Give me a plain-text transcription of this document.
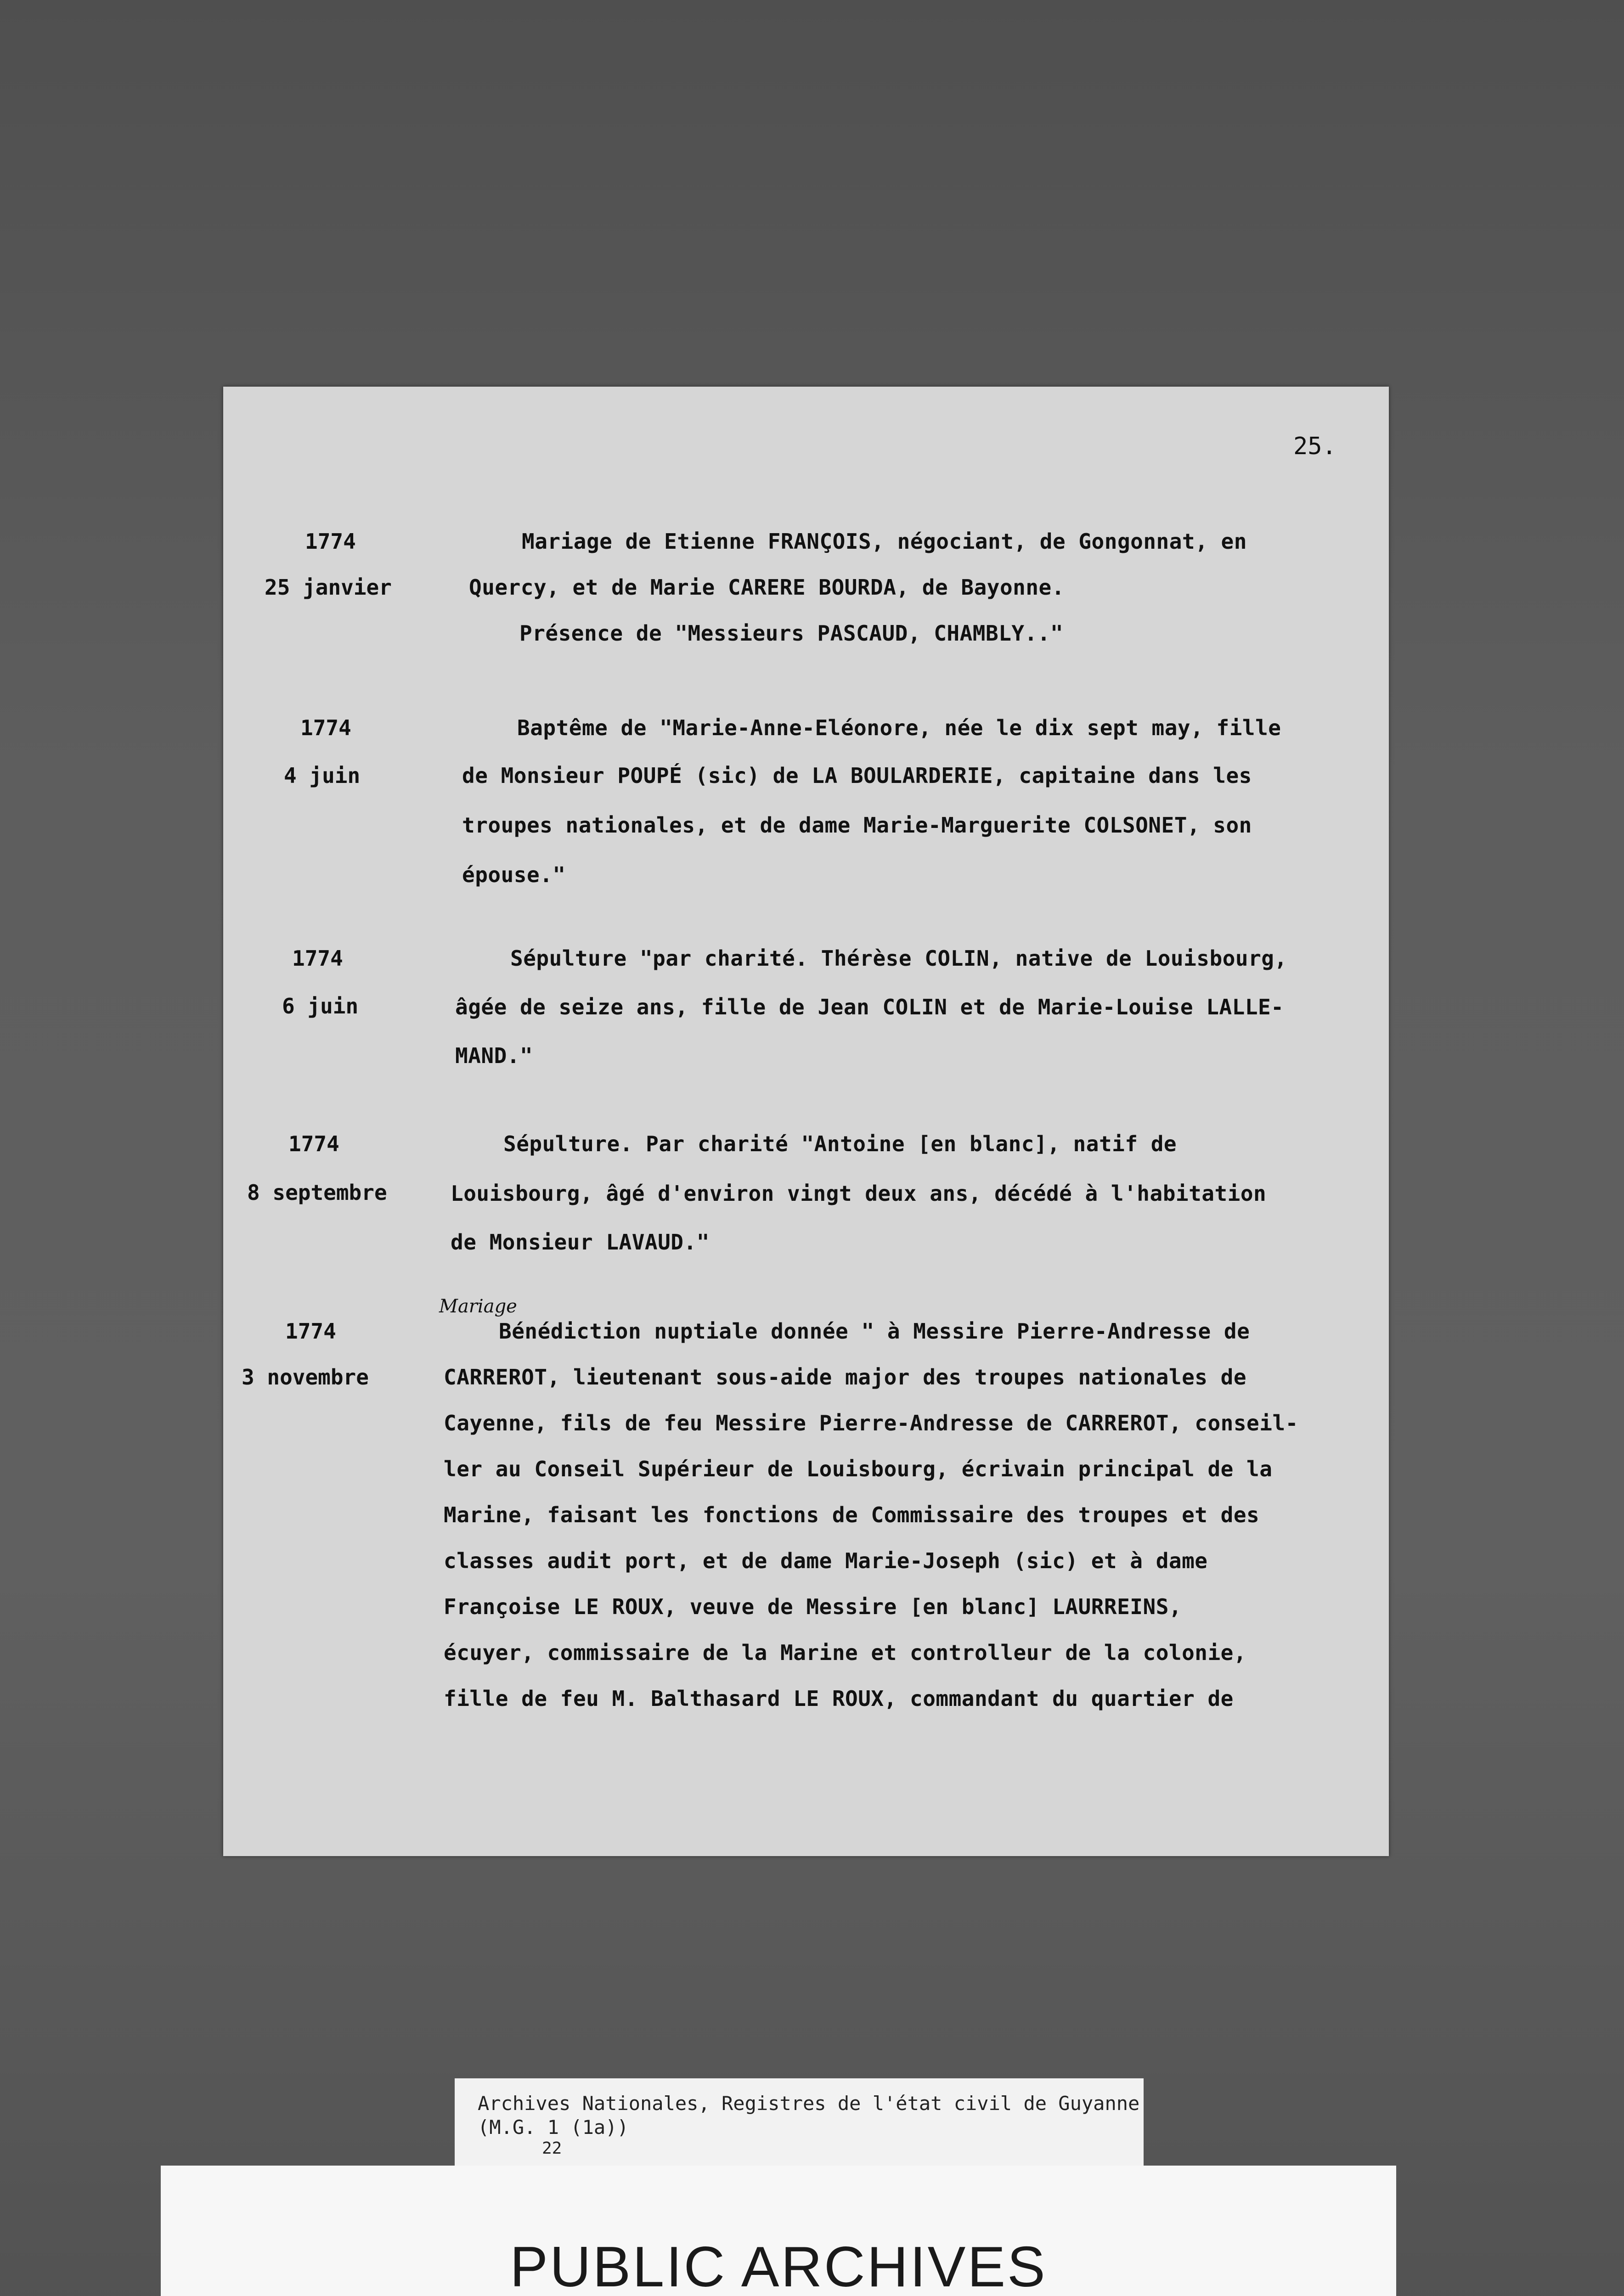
25.
1774
25 janvier
Mariage de Etienne FRANÇOIS, négociant, de Gongonnat, en
Quercy, et de Marie CARERE BOURDA, de Bayonne.
Présence de "Messieurs PASCAUD, CHAMBLY.."
1774
4 juin
Baptême de "Marie-Anne-Eléonore, née le dix sept may, fille
de Monsieur POUPÉ (sic) de LA BOULARDERIE, capitaine dans les
troupes nationales, et de dame Marie-Marguerite COLSONET, son
épouse."
1774
6 juin
Sépulture "par charité. Thérèse COLIN, native de Louisbourg,
âgée de seize ans, fille de Jean COLIN et de Marie-Louise LALLE-
MAND."
1774
8 septembre
Sépulture. Par charité "Antoine [en blanc], natif de
Louisbourg, âgé d'environ vingt deux ans, décédé à l'habitation
de Monsieur LAVAUD."
Mariage
1774
3 novembre
Bénédiction nuptiale donnée " à Messire Pierre-Andresse de
CARREROT, lieutenant sous-aide major des troupes nationales de
Cayenne, fils de feu Messire Pierre-Andresse de CARREROT, conseil-
ler au Conseil Supérieur de Louisbourg, écrivain principal de la
Marine, faisant les fonctions de Commissaire des troupes et des
classes audit port, et de dame Marie-Joseph (sic) et à dame
Françoise LE ROUX, veuve de Messire [en blanc] LAURREINS,
écuyer, commissaire de la Marine et controlleur de la colonie,
fille de feu M. Balthasard LE ROUX, commandant du quartier de
Archives Nationales, Registres de l'état civil de Guyanne
(M.G. 1 (1a))
22
PUBLIC ARCHIVES
